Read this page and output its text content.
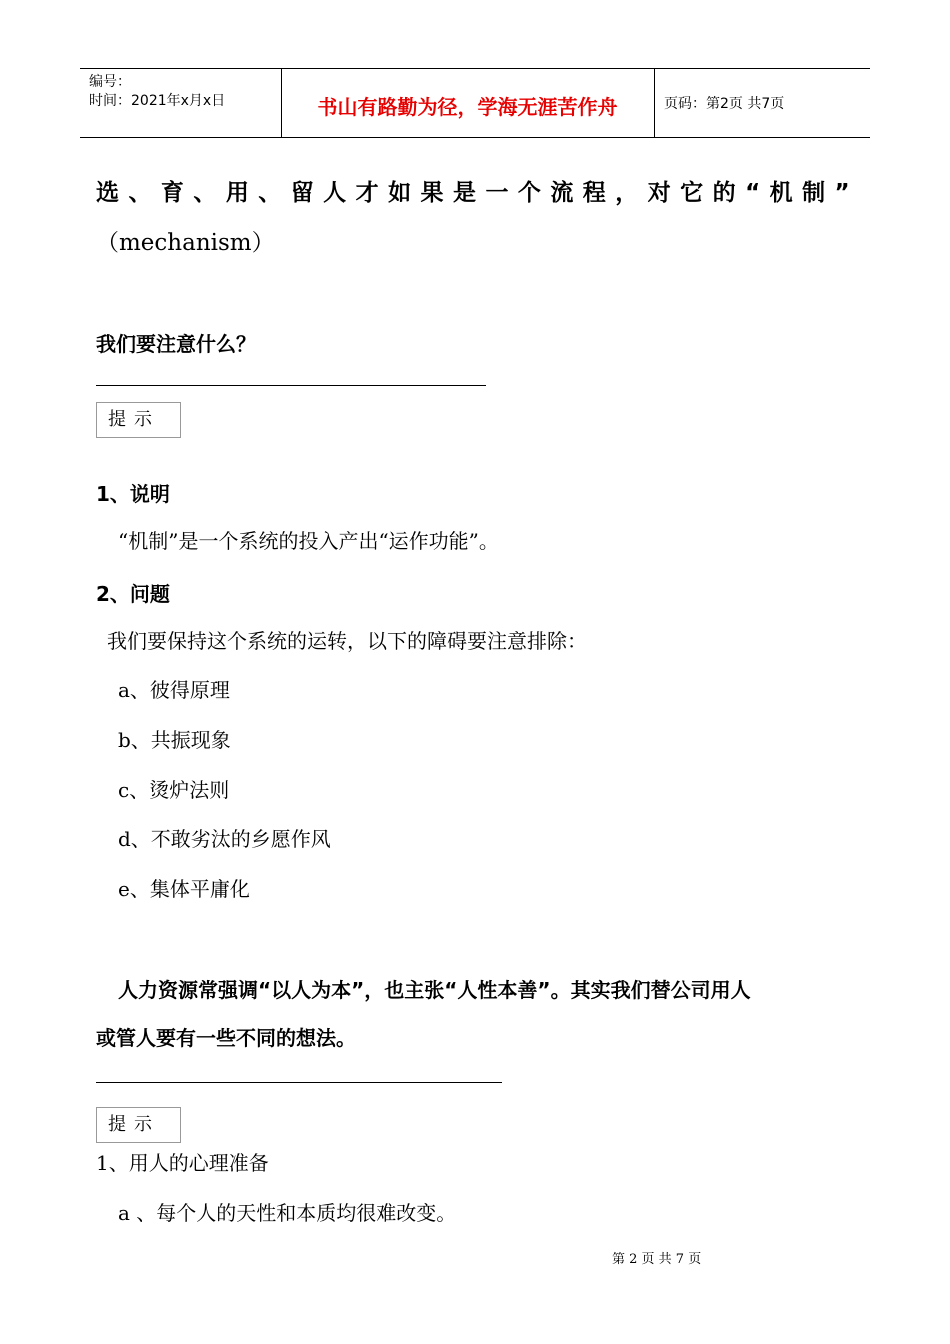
编号：
时间：2021年x月x日	书山有路勤为径，学海无涯苦作舟	页码：第2页 共7页
选 、 育 、 用 、 留 人 才 如 果 是 一 个 流 程 ， 对 它 的 “ 机 制 ”
（mechanism）
我们要注意什么？
提示
1、说明
“机制”是一个系统的投入产出“运作功能”。
2、问题
我们要保持这个系统的运转，以下的障碍要注意排除：
a、彼得原理
b、共振现象
c、烫炉法则
d、不敢劣汰的乡愿作风
e、集体平庸化
人力资源常强调“以人为本”，也主张“人性本善”。其实我们替公司用人
或管人要有一些不同的想法。
提示
1、用人的心理准备
a 、每个人的天性和本质均很难改变。
第 2 页 共 7 页
